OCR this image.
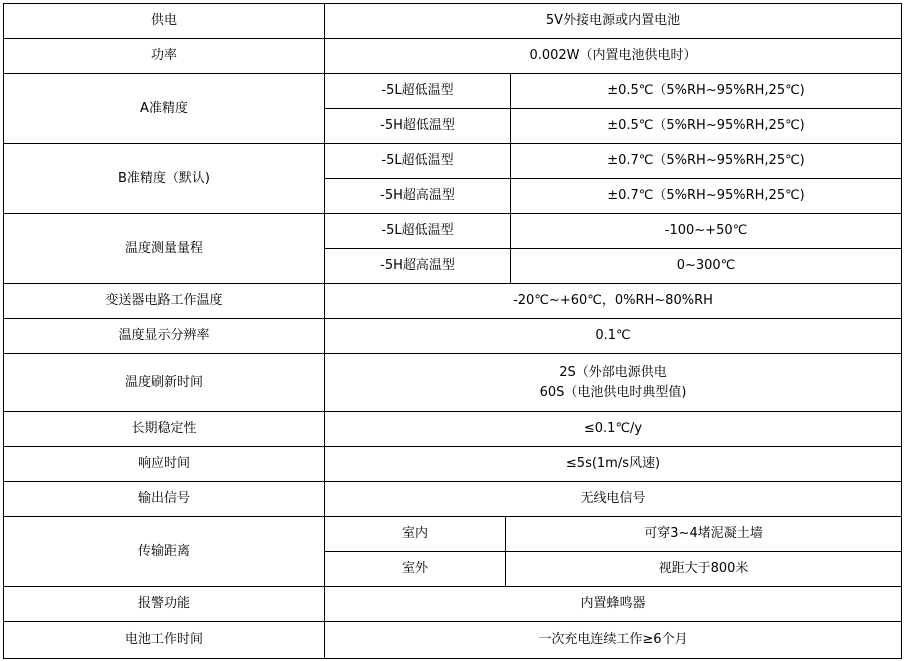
供电	5V外接电源或内置电池
功率	0.002W（内置电池供电时）
A准精度
-5L超低温型	±0.5℃（5%RH~95%RH,25℃)
-5H超低温型	±0.5℃（5%RH~95%RH,25℃)
B准精度（默认)
-5L超低温型	±0.7℃（5%RH~95%RH,25℃)
-5H超高温型	±0.7℃（5%RH~95%RH,25℃)
温度测量量程
-5L超低温型	-100~+50℃
-5H超高温型	0~300℃
变送器电路工作温度	-20℃~+60℃，0%RH~80%RH
温度显示分辨率	0.1℃
温度刷新时间
2S（外部电源供电
60S（电池供电时典型值)
长期稳定性	≤0.1℃/y
响应时间	≤5s(1m/s风速)
输出信号	无线电信号
传输距离
室内	可穿3~4堵泥凝土墙
室外	视距大于800米
报警功能	内置蜂鸣器
电池工作时间	一次充电连续工作≥6个月
